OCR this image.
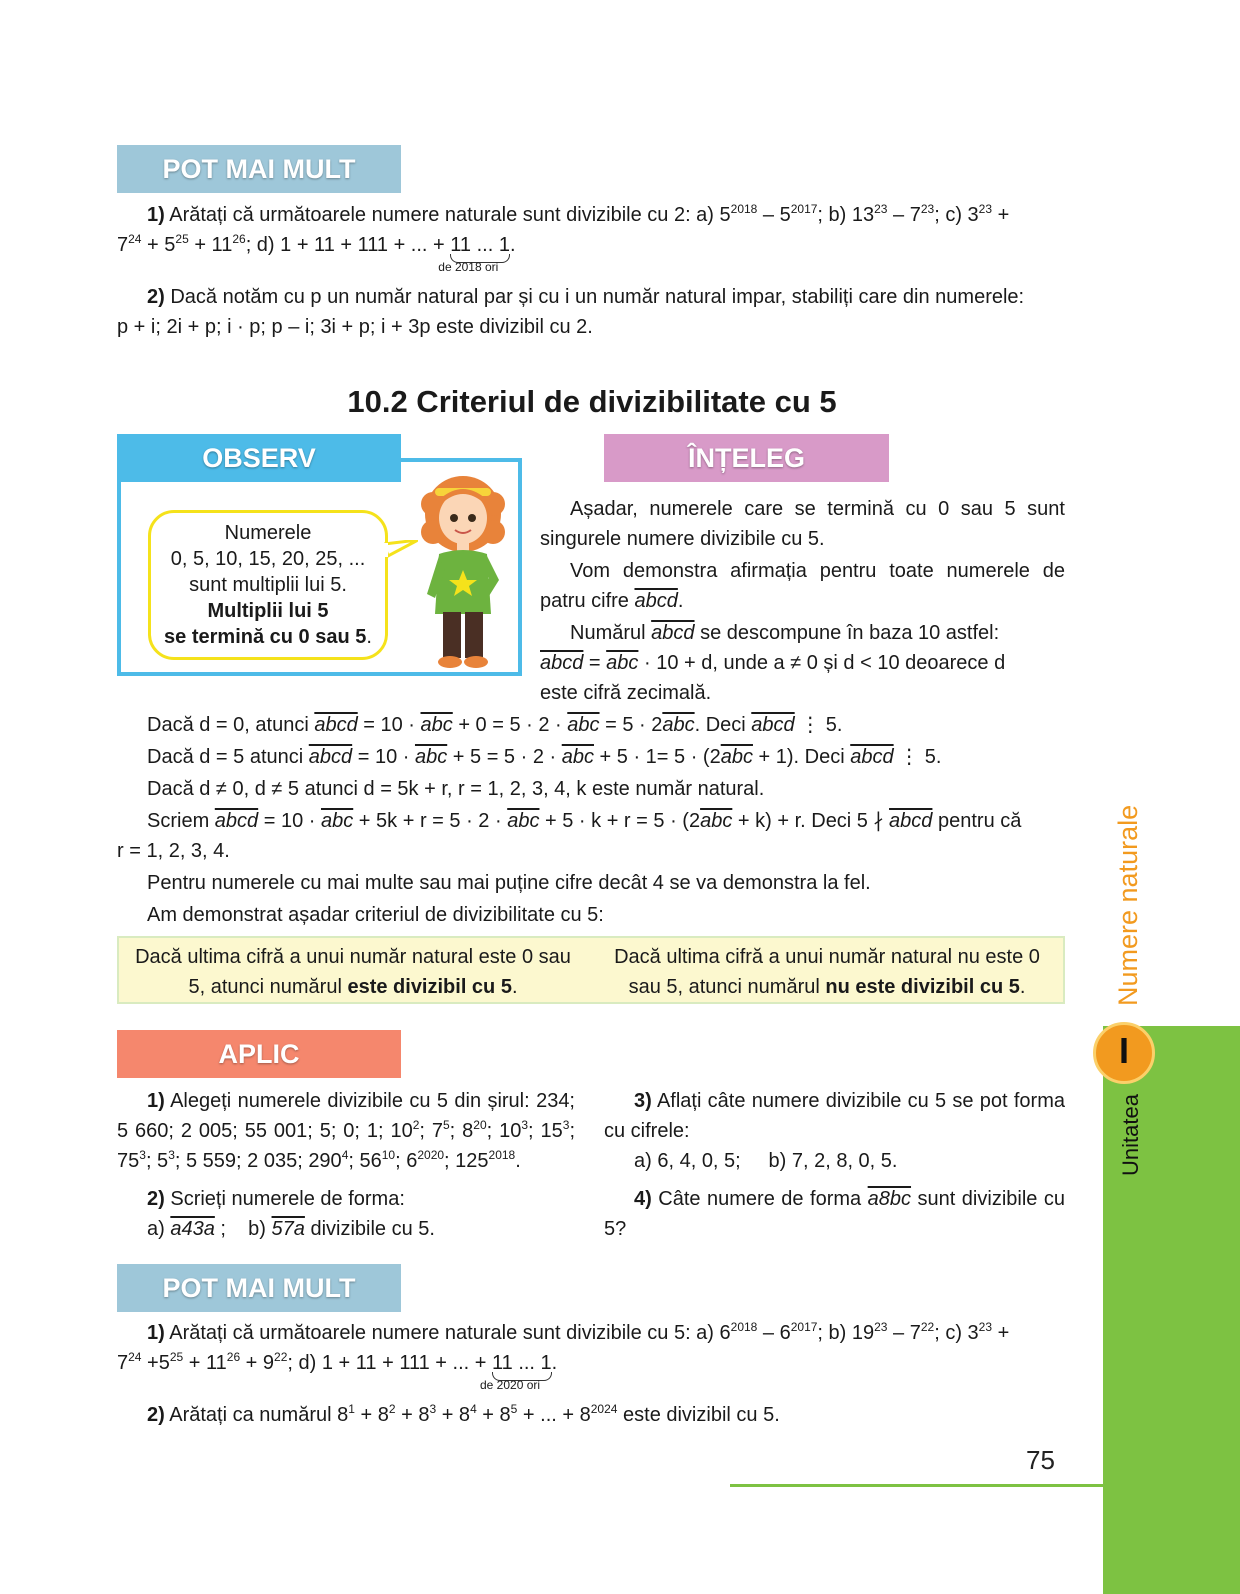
POT MAI MULT

1) Arătați că următoarele numere naturale sunt divizibile cu 2: a) $5^{2018} - 5^{2017}$; b) $13^{23} - 7^{23}$; c) $3^{23}$ +

$7^{24} + 5^{25} + 11^{26}$; d) 1 + 11 + 111 + ... + 11 ... 1
de 2018 ori
.

2) Dacă notăm cu p un număr natural par și cu i un număr natural impar, stabiliți care din numerele:

p + i; 2i + p; i · p; p – i; 3i + p; i + 3p este divizibil cu 2.

10.2 Criteriul de divizibilitate cu 5
OBSERV
Numerele
0, 5, 10, 15, 20, 25, ...
sunt multiplii lui 5.
Multiplii lui 5
se termină cu 0 sau 5.
ÎNȚELEG

Așadar, numerele care se termină cu 0 sau 5 sunt singurele numere divizibile cu 5.

Vom demonstra afirmația pentru toate numerele de patru cifre abcd.

Numărul abcd se descompune în baza 10 astfel:

abcd = $\overline{abc} \cdot 10 + d$, unde a ≠ 0 și d < 10 deoarece d

este cifră zecimală.

Dacă d = 0, atunci abcd = $10 \cdot \overline{abc} + 0 = 5 \cdot 2 \cdot \overline{abc} = 5 \cdot 2\overline{abc}$. Deci abcd ⋮ 5.

Dacă d = 5 atunci abcd = $10 \cdot \overline{abc} + 5 = 5 \cdot 2 \cdot \overline{abc} + 5 \cdot 1= 5 \cdot (2\overline{abc} + 1)$. Deci abcd ⋮ 5.

Dacă d ≠ 0, d ≠ 5 atunci d = 5k + r, r = 1, 2, 3, 4, k este număr natural.

Scriem abcd = $10 \cdot \overline{abc} + 5k + r = 5 \cdot 2 \cdot \overline{abc} + 5 \cdot k + r = 5 \cdot (2\overline{abc} + k) + r$. Deci 5 ∤ abcd pentru că

r = 1, 2, 3, 4.

Pentru numerele cu mai multe sau mai puține cifre decât 4 se va demonstra la fel.

Am demonstrat așadar criteriul de divizibilitate cu 5:

Dacă ultima cifră a unui număr natural este 0 sau 5, atunci numărul este divizibil cu 5.
Dacă ultima cifră a unui număr natural nu este 0 sau 5, atunci numărul nu este divizibil cu 5.
APLIC

1) Alegeți numerele divizibile cu 5 din șirul: 234; 5 660; 2 005; 55 001; 5; 0; 1; $10^2$; $7^5$; $8^{20}$; $10^3$; $15^3$; $75^3$; $5^3$; 5 559; 2 035; $290^4$; $56^{10}$; $6^{2020}$; $125^{2018}$.

2) Scrieți numerele de forma:

a) a43a ;    b) 57a divizibile cu 5.

3) Aflați câte numere divizibile cu 5 se pot forma cu cifrele:

a) 6, 4, 0, 5;     b) 7, 2, 8, 0, 5.

4) Câte numere de forma a8bc sunt divizibile cu 5?

POT MAI MULT

1) Arătați că următoarele numere naturale sunt divizibile cu 5: a) $6^{2018} - 6^{2017}$; b) $19^{23} - 7^{22}$; c) $3^{23}$ +

$7^{24} +5^{25} + 11^{26} + 9^{22}$; d) 1 + 11 + 111 + ... + 11 ... 1
de 2020 ori
.

2) Arătați ca numărul $8^1 + 8^2 + 8^3 + 8^4 + 8^5$ + ... + $8^{2024}$ este divizibil cu 5.

I
Unitatea
Numere naturale
75
